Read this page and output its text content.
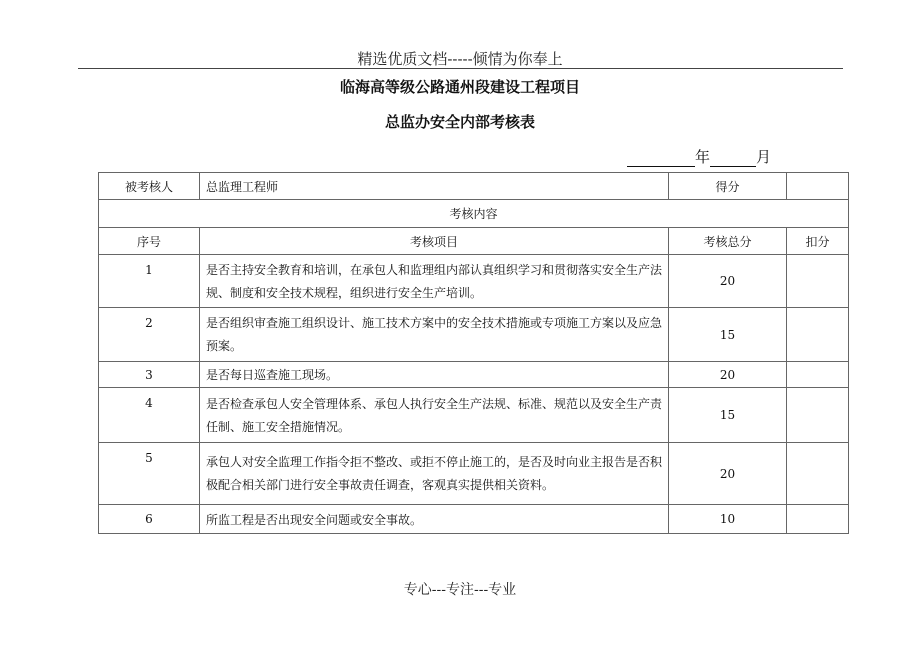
精选优质文档-----倾情为你奉上
临海高等级公路通州段建设工程项目
总监办安全内部考核表
年	月
被考核人	总监理工程师	得分	
考核内容			
序号	考核项目	考核总分	扣分
1	是否主持安全教育和培训，在承包人和监理组内部认真组织学习和贯彻落实安全生产法规、制度和安全技术规程，组织进行安全生产培训。	20	
2	是否组织审查施工组织设计、施工技术方案中的安全技术措施或专项施工方案以及应急预案。	15	
3	是否每日巡查施工现场。	20	
4	是否检查承包人安全管理体系、承包人执行安全生产法规、标准、规范以及安全生产责任制、施工安全措施情况。	15	
5	承包人对安全监理工作指令拒不整改、或拒不停止施工的，是否及时向业主报告是否积极配合相关部门进行安全事故责任调查，客观真实提供相关资料。	20	
6	所监工程是否出现安全问题或安全事故。	10	
专心---专注---专业
